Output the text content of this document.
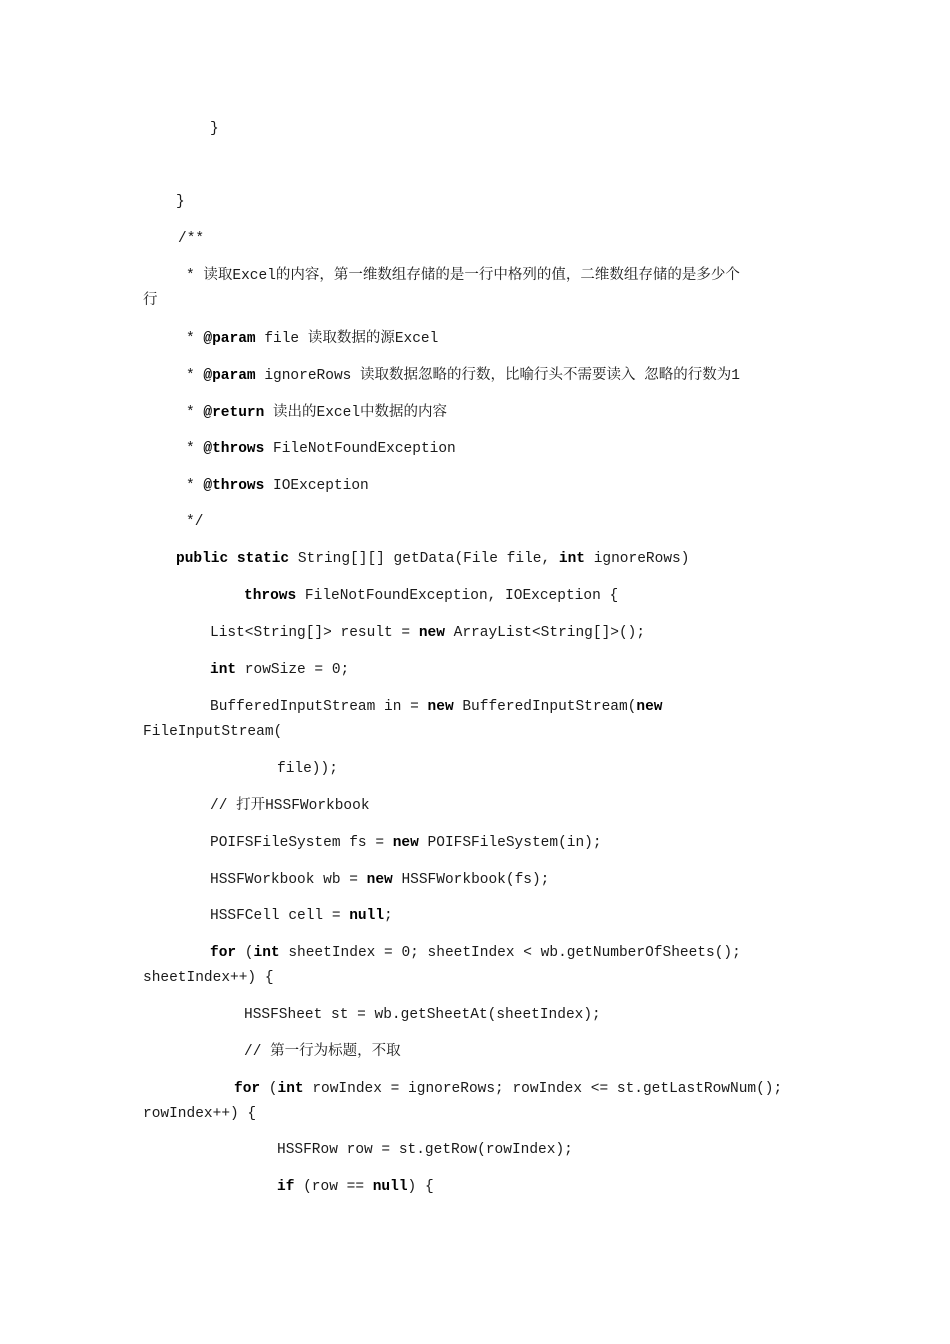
}
}
/**
* 读取Excel的内容，第一维数组存储的是一行中格列的值，二维数组存储的是多少个
行
* @param file 读取数据的源Excel
* @param ignoreRows 读取数据忽略的行数，比喻行头不需要读入 忽略的行数为1
* @return 读出的Excel中数据的内容
* @throws FileNotFoundException
* @throws IOException
*/
public static String[][] getData(File file, int ignoreRows)
throws FileNotFoundException, IOException {
List<String[]> result = new ArrayList<String[]>();
int rowSize = 0;
BufferedInputStream in = new BufferedInputStream(new
FileInputStream(
file));
// 打开HSSFWorkbook
POIFSFileSystem fs = new POIFSFileSystem(in);
HSSFWorkbook wb = new HSSFWorkbook(fs);
HSSFCell cell = null;
for (int sheetIndex = 0; sheetIndex < wb.getNumberOfSheets();
sheetIndex++) {
HSSFSheet st = wb.getSheetAt(sheetIndex);
// 第一行为标题，不取
for (int rowIndex = ignoreRows; rowIndex <= st.getLastRowNum();
rowIndex++) {
HSSFRow row = st.getRow(rowIndex);
if (row == null) {
